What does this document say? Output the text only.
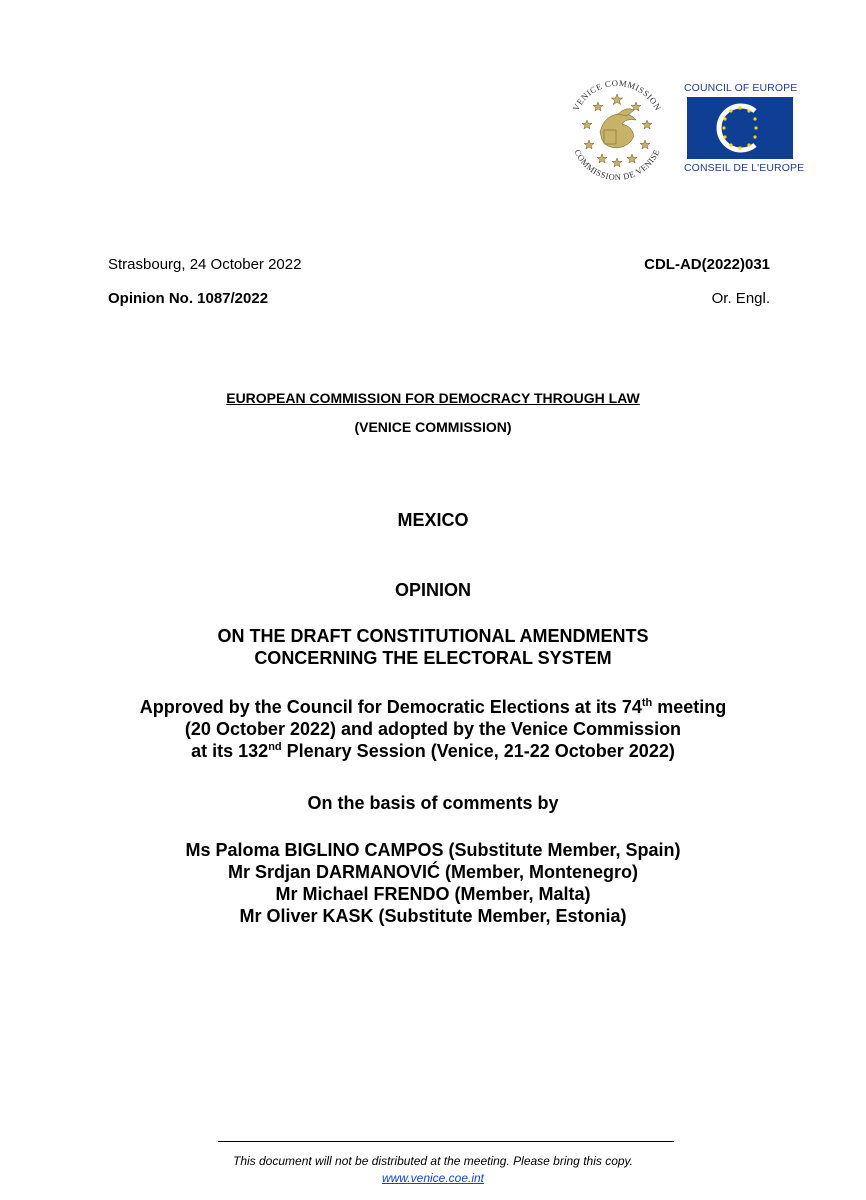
VENICE COMMISSION
COMMISSION DE VENISE
COUNCIL OF EUROPE
CONSEIL DE L'EUROPE
Strasbourg, 24 October 2022	CDL-AD(2022)031
Opinion No. 1087/2022	Or. Engl.
EUROPEAN COMMISSION FOR DEMOCRACY THROUGH LAW
(VENICE COMMISSION)
MEXICO
OPINION
ON THE DRAFT CONSTITUTIONAL AMENDMENTS
CONCERNING THE ELECTORAL SYSTEM
Approved by the Council for Democratic Elections at its 74th meeting
(20 October 2022) and adopted by the Venice Commission
at its 132nd Plenary Session (Venice, 21-22 October 2022)
On the basis of comments by
Ms Paloma BIGLINO CAMPOS (Substitute Member, Spain)
Mr Srdjan DARMANOVIĆ (Member, Montenegro)
Mr Michael FRENDO (Member, Malta)
Mr Oliver KASK (Substitute Member, Estonia)
This document will not be distributed at the meeting. Please bring this copy.
www.venice.coe.int
